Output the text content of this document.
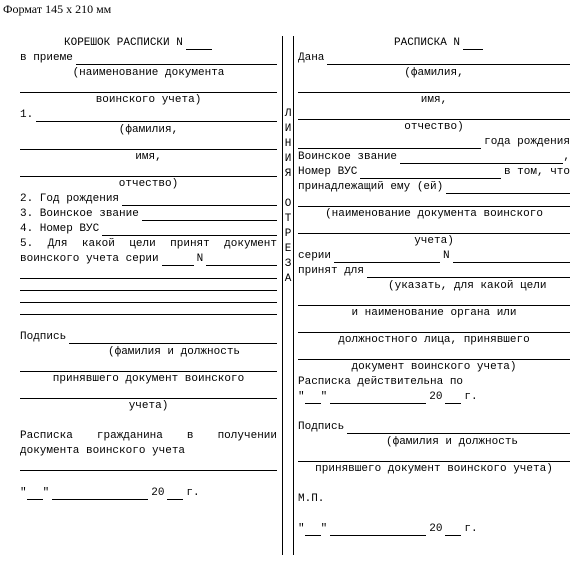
Формат 145 х 210 мм
Л
И
Н
И
Я
О
Т
Р
Е
З
А
КОРЕШОК РАСПИСКИ N
в приеме
(наименование документа
воинского учета)
1.
(фамилия,
имя,
отчество)
2. Год рождения
3. Воинское звание
4. Номер ВУС
5. Для какой цели принят документ
воинского учета серии	N
Подпись
(фамилия и должность
принявшего документ воинского
учета)
Расписка гражданина в получении
документа воинского учета
" "	20 г.
РАСПИСКА N
Дана
(фамилия,
имя,
отчество)
года рождения
Воинское звание	,
Номер ВУС	в том, что
принадлежащий ему (ей)
(наименование документа воинского
учета)
серии	N
принят для
(указать, для какой цели
и наименование органа или
должностного лица, принявшего
документ воинского учета)
Расписка действительна по
" "	20 г.
Подпись
(фамилия и должность
принявшего документ воинского учета)
М.П.
" "	20 г.
